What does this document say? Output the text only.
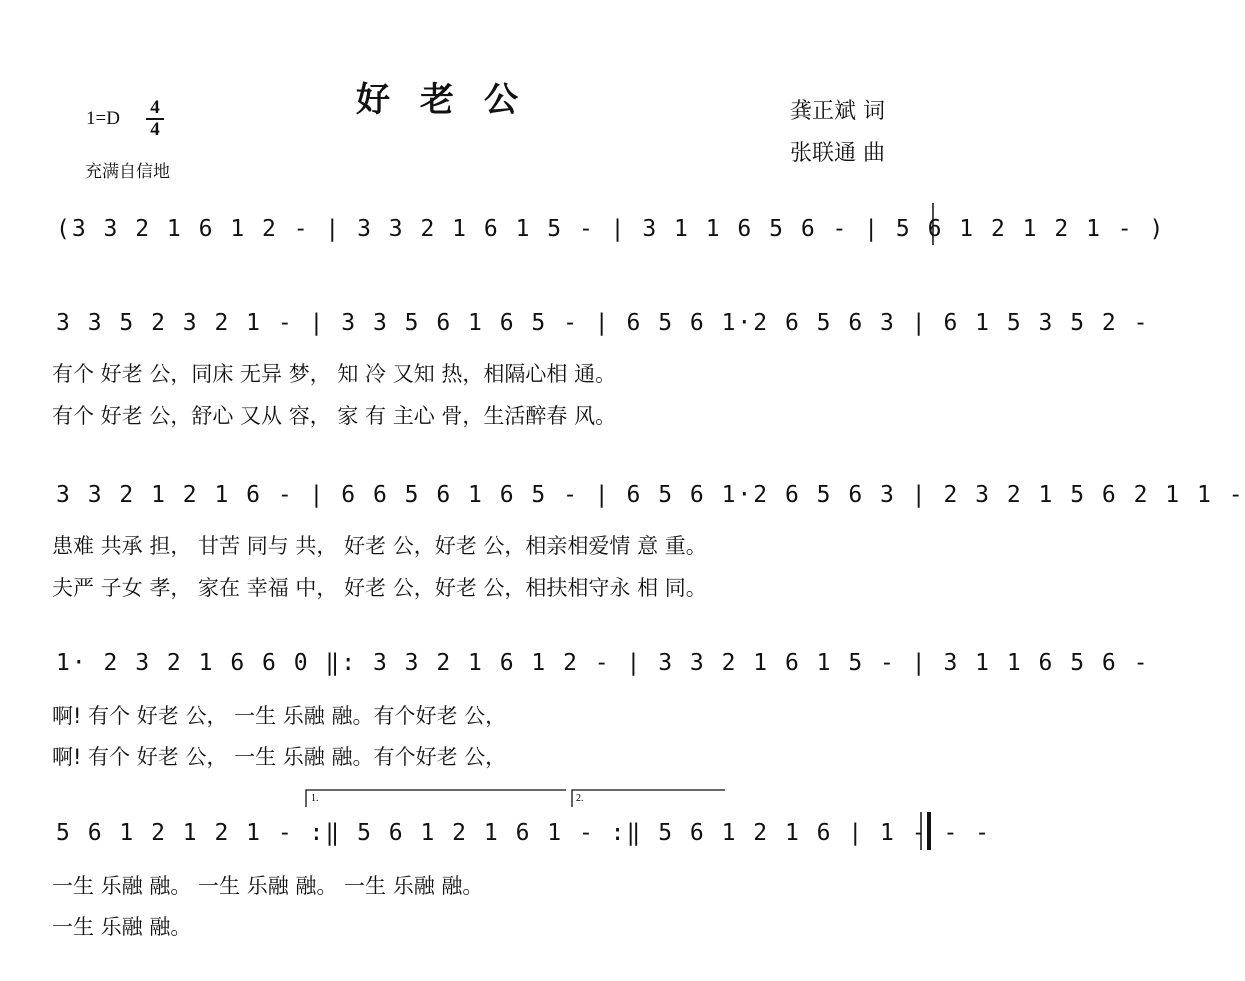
好老公
1=D
4
4
充满自信地
龚正斌 词
张联通 曲
(3 3 2 1 6 1 2 - | 3 3 2 1 6 1 5 - | 3 1 1 6 5 6 - | 5 6 1 2 1 2 1 - )
3 3 5 2 3 2 1 - | 3 3 5 6 1 6 5 - | 6 5 6 1·2 6 5 6 3 | 6 1 5 3 5 2 -
有个 好老 公，同床 无异 梦， 知 冷 又知 热，相隔心相 通。
有个 好老 公，舒心 又从 容， 家 有 主心 骨，生活醉春 风。
3 3 2 1 2 1 6 - | 6 6 5 6 1 6 5 - | 6 5 6 1·2 6 5 6 3 | 2 3 2 1 5 6 2 1 1 -
患难 共承 担， 甘苦 同与 共， 好老 公，好老 公，相亲相爱情 意 重。
夫严 子女 孝， 家在 幸福 中， 好老 公，好老 公，相扶相守永 相 同。
1· 2 3 2 1 6 6 0 ‖: 3 3 2 1 6 1 2 - | 3 3 2 1 6 1 5 - | 3 1 1 6 5 6 -
啊! 有个 好老 公， 一生 乐融 融。有个好老 公，
啊! 有个 好老 公， 一生 乐融 融。有个好老 公，
5 6 1 2 1 2 1 - :‖ 5 6 1 2 1 6 1 - :‖ 5 6 1 2 1 6 | 1 - - -
一生 乐融 融。 一生 乐融 融。 一生 乐融 融。
一生 乐融 融。
1.	2.
